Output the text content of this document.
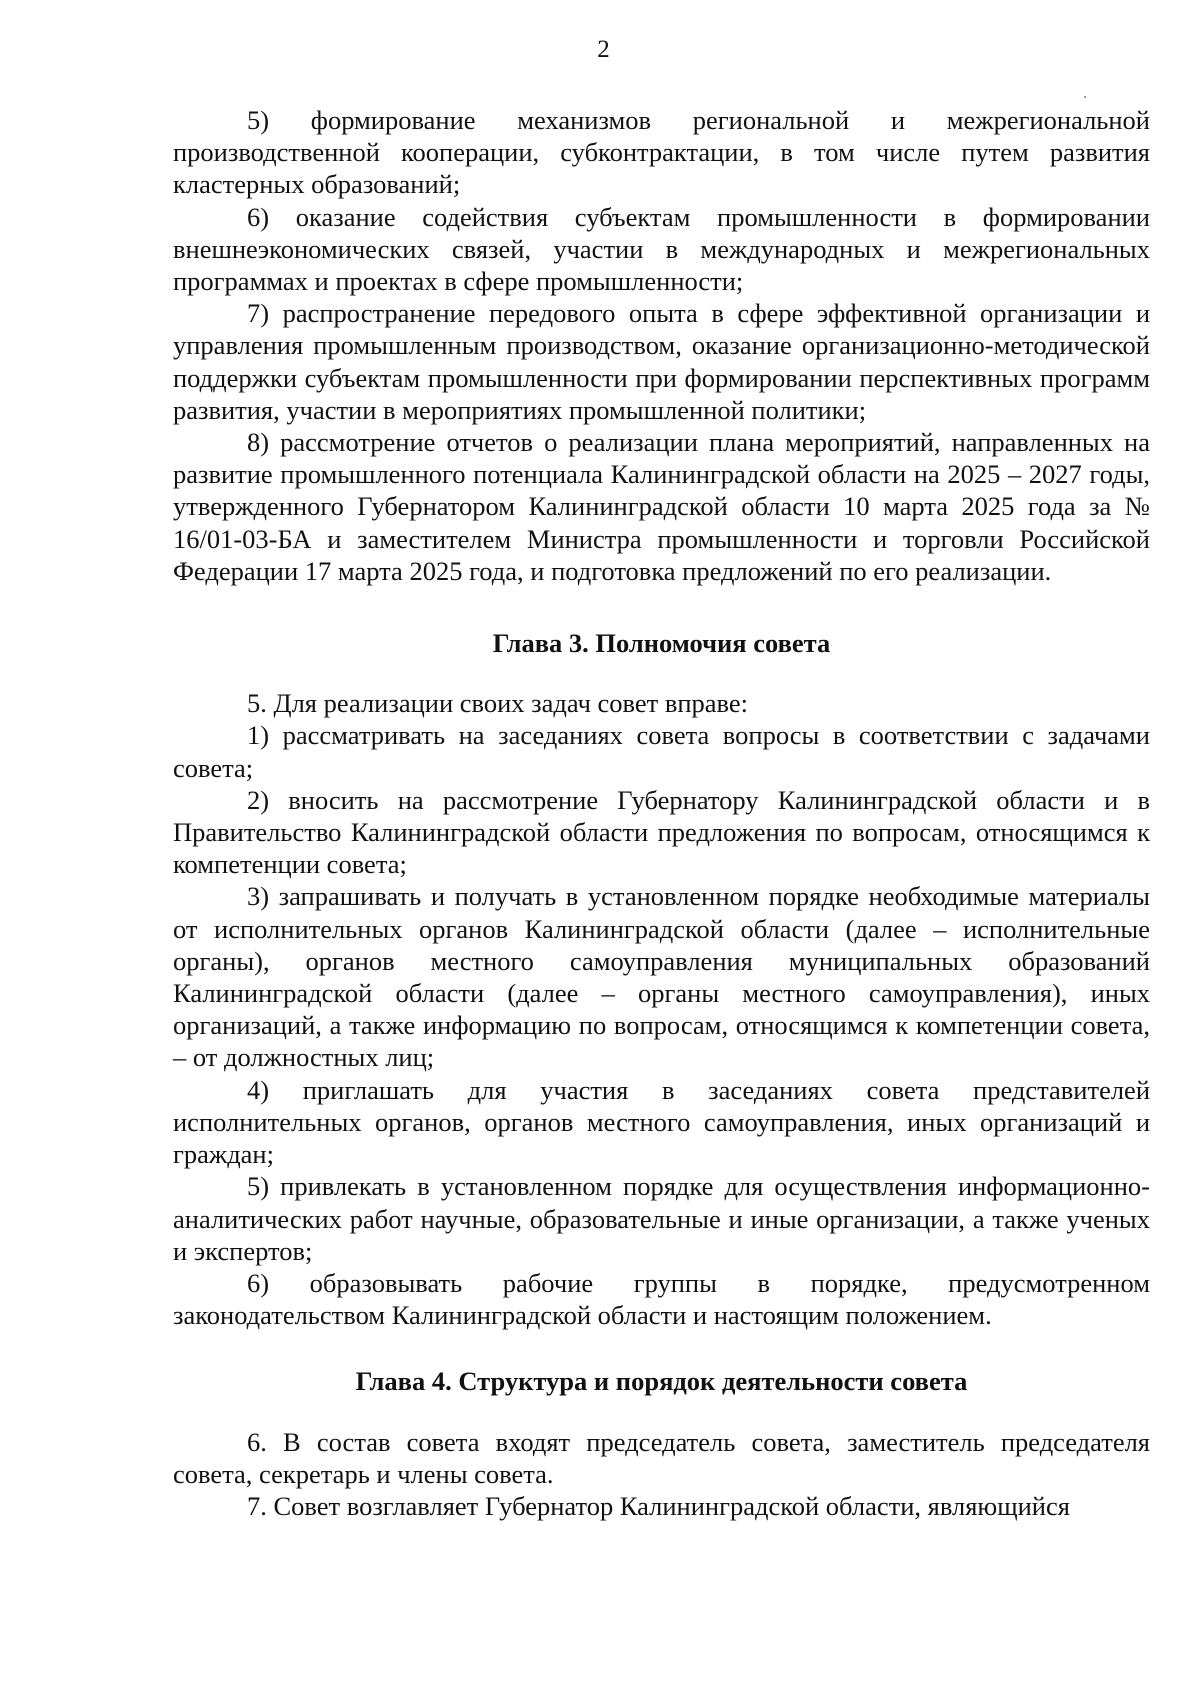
2

5) формирование механизмов региональной и межрегиональной производственной кооперации, субконтрактации, в том числе путем развития кластерных образований;

6) оказание содействия субъектам промышленности в формировании внешнеэкономических связей, участии в международных и межрегиональных программах и проектах в сфере промышленности;

7) распространение передового опыта в сфере эффективной организации и управления промышленным производством, оказание организационно-методической поддержки субъектам промышленности при формировании перспективных программ развития, участии в мероприятиях промышленной политики;

8) рассмотрение отчетов о реализации плана мероприятий, направленных на развитие промышленного потенциала Калининградской области на 2025 – 2027 годы, утвержденного Губернатором Калининградской области 10 марта 2025 года за № 16/01-03-БА и заместителем Министра промышленности и торговли Российской Федерации 17 марта 2025 года, и подготовка предложений по его реализации.

Глава 3. Полномочия совета

5. Для реализации своих задач совет вправе:

1) рассматривать на заседаниях совета вопросы в соответствии с задачами совета;

2) вносить на рассмотрение Губернатору Калининградской области и в Правительство Калининградской области предложения по вопросам, относящимся к компетенции совета;

3) запрашивать и получать в установленном порядке необходимые материалы от исполнительных органов Калининградской области (далее – исполнительные органы), органов местного самоуправления муниципальных образований Калининградской области (далее – органы местного самоуправления), иных организаций, а также информацию по вопросам, относящимся к компетенции совета, – от должностных лиц;

4) приглашать для участия в заседаниях совета представителей исполнительных органов, органов местного самоуправления, иных организаций и граждан;

5) привлекать в установленном порядке для осуществления информационно-аналитических работ научные, образовательные и иные организации, а также ученых и экспертов;

6) образовывать рабочие группы в порядке, предусмотренном законодательством Калининградской области и настоящим положением.

Глава 4. Структура и порядок деятельности совета

6. В состав совета входят председатель совета, заместитель председателя совета, секретарь и члены совета.

7. Совет возглавляет Губернатор Калининградской области, являющийся
